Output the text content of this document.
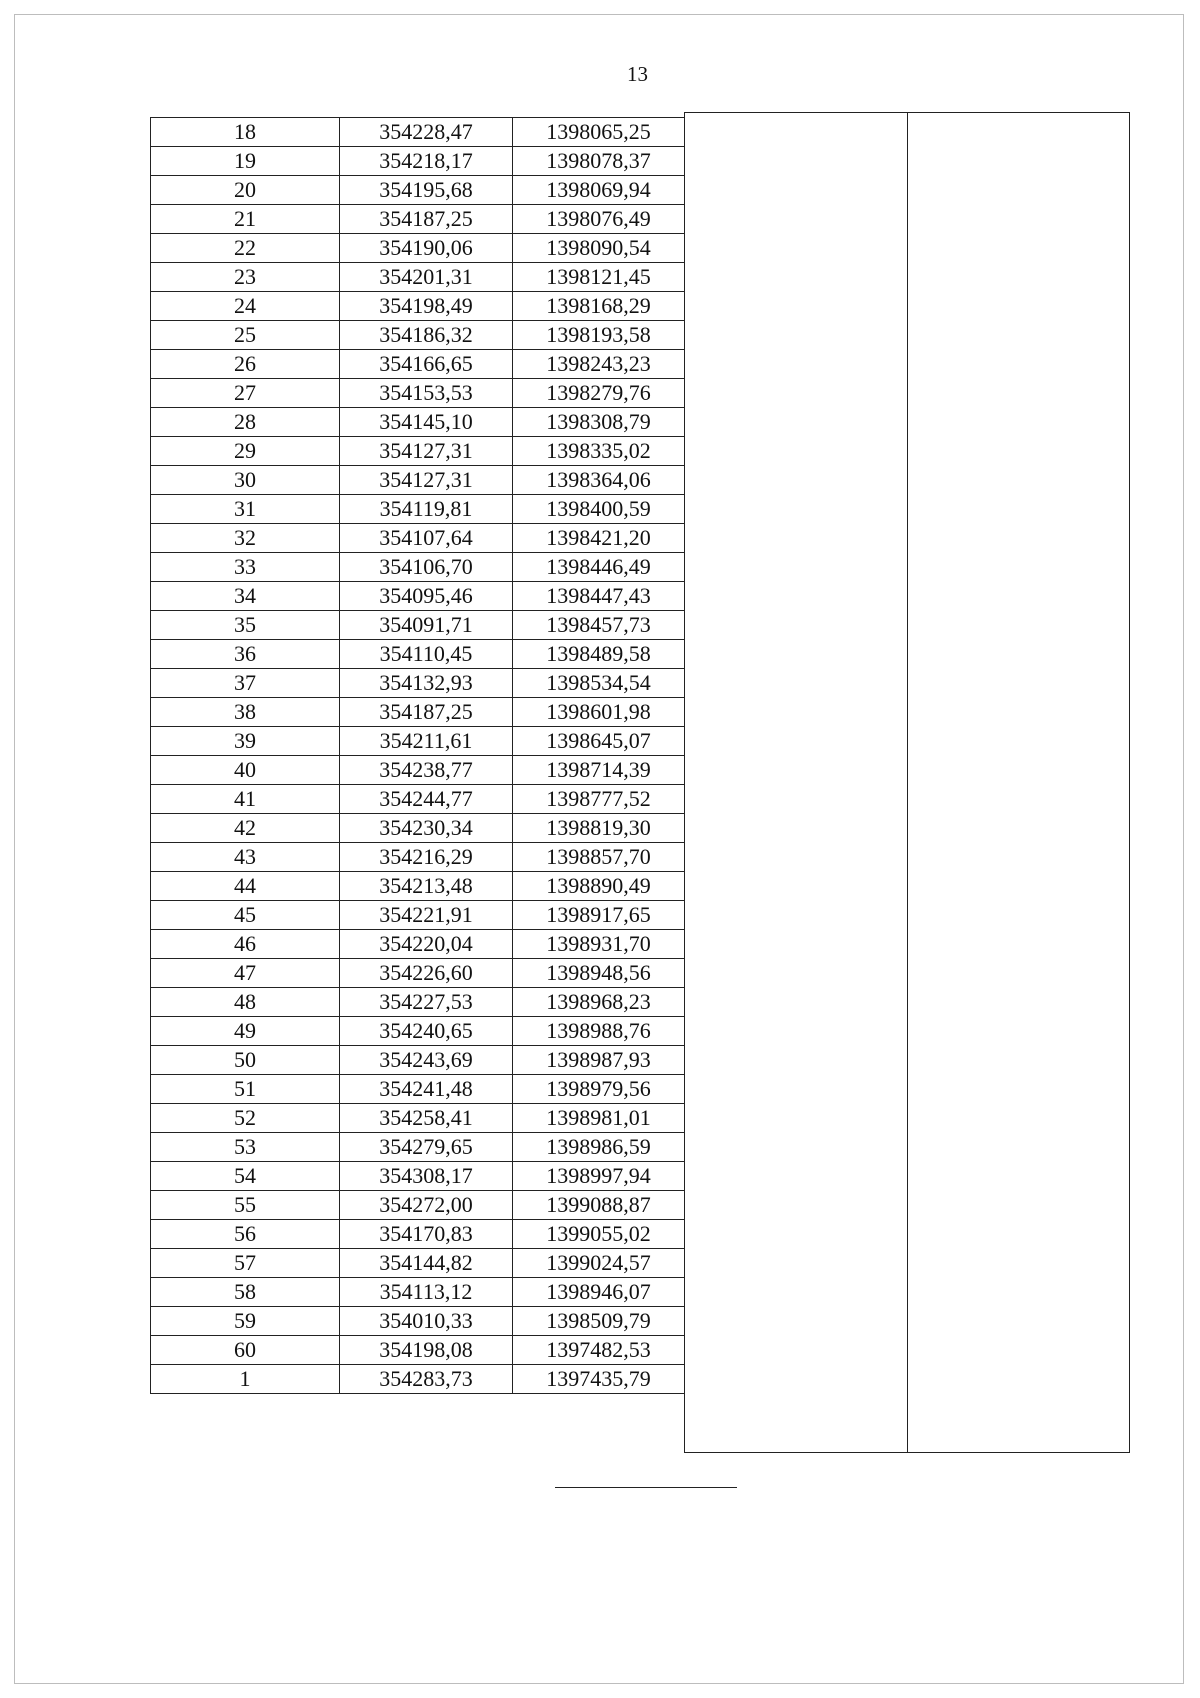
13
18	354228,47	1398065,25
19	354218,17	1398078,37
20	354195,68	1398069,94
21	354187,25	1398076,49
22	354190,06	1398090,54
23	354201,31	1398121,45
24	354198,49	1398168,29
25	354186,32	1398193,58
26	354166,65	1398243,23
27	354153,53	1398279,76
28	354145,10	1398308,79
29	354127,31	1398335,02
30	354127,31	1398364,06
31	354119,81	1398400,59
32	354107,64	1398421,20
33	354106,70	1398446,49
34	354095,46	1398447,43
35	354091,71	1398457,73
36	354110,45	1398489,58
37	354132,93	1398534,54
38	354187,25	1398601,98
39	354211,61	1398645,07
40	354238,77	1398714,39
41	354244,77	1398777,52
42	354230,34	1398819,30
43	354216,29	1398857,70
44	354213,48	1398890,49
45	354221,91	1398917,65
46	354220,04	1398931,70
47	354226,60	1398948,56
48	354227,53	1398968,23
49	354240,65	1398988,76
50	354243,69	1398987,93
51	354241,48	1398979,56
52	354258,41	1398981,01
53	354279,65	1398986,59
54	354308,17	1398997,94
55	354272,00	1399088,87
56	354170,83	1399055,02
57	354144,82	1399024,57
58	354113,12	1398946,07
59	354010,33	1398509,79
60	354198,08	1397482,53
1	354283,73	1397435,79
